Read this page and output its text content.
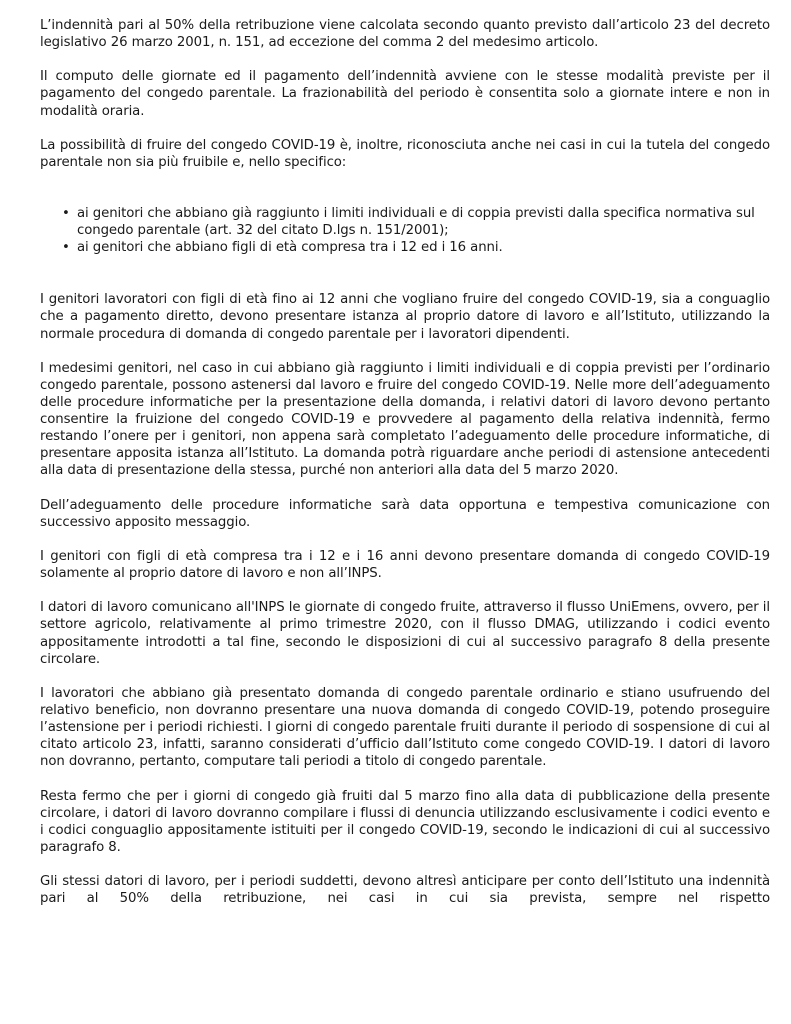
L’indennità pari al 50% della retribuzione viene calcolata secondo quanto previsto dall’articolo 23 del decreto legislativo 26 marzo 2001, n. 151, ad eccezione del comma 2 del medesimo articolo.

Il computo delle giornate ed il pagamento dell’indennità avviene con le stesse modalità previste per il pagamento del congedo parentale. La frazionabilità del periodo è consentita solo a giornate intere e non in modalità oraria.

La possibilità di fruire del congedo COVID-19 è, inoltre, riconosciuta anche nei casi in cui la tutela del congedo parentale non sia più fruibile e, nello specifico:

• ai genitori che abbiano già raggiunto i limiti individuali e di coppia previsti dalla specifica normativa sul congedo parentale (art. 32 del citato D.lgs n. 151/2001);
• ai genitori che abbiano figli di età compresa tra i 12 ed i 16 anni.

I genitori lavoratori con figli di età fino ai 12 anni che vogliano fruire del congedo COVID-19, sia a conguaglio che a pagamento diretto, devono presentare istanza al proprio datore di lavoro e all’Istituto, utilizzando la normale procedura di domanda di congedo parentale per i lavoratori dipendenti.

I medesimi genitori, nel caso in cui abbiano già raggiunto i limiti individuali e di coppia previsti per l’ordinario congedo parentale, possono astenersi dal lavoro e fruire del congedo COVID-19. Nelle more dell’adeguamento delle procedure informatiche per la presentazione della domanda, i relativi datori di lavoro devono pertanto consentire la fruizione del congedo COVID-19 e provvedere al pagamento della relativa indennità, fermo restando l’onere per i genitori, non appena sarà completato l’adeguamento delle procedure informatiche, di presentare apposita istanza all’Istituto. La domanda potrà riguardare anche periodi di astensione antecedenti alla data di presentazione della stessa, purché non anteriori alla data del 5 marzo 2020.

Dell’adeguamento delle procedure informatiche sarà data opportuna e tempestiva comunicazione con successivo apposito messaggio.

I genitori con figli di età compresa tra i 12 e i 16 anni devono presentare domanda di congedo COVID-19 solamente al proprio datore di lavoro e non all’INPS.

I datori di lavoro comunicano all'INPS le giornate di congedo fruite, attraverso il flusso UniEmens, ovvero, per il settore agricolo, relativamente al primo trimestre 2020, con il flusso DMAG, utilizzando i codici evento appositamente introdotti a tal fine, secondo le disposizioni di cui al successivo paragrafo 8 della presente circolare.

I lavoratori che abbiano già presentato domanda di congedo parentale ordinario e stiano usufruendo del relativo beneficio, non dovranno presentare una nuova domanda di congedo COVID-19, potendo proseguire l’astensione per i periodi richiesti. I giorni di congedo parentale fruiti durante il periodo di sospensione di cui al citato articolo 23, infatti, saranno considerati d’ufficio dall’Istituto come congedo COVID-19. I datori di lavoro non dovranno, pertanto, computare tali periodi a titolo di congedo parentale.

Resta fermo che per i giorni di congedo già fruiti dal 5 marzo fino alla data di pubblicazione della presente circolare, i datori di lavoro dovranno compilare i flussi di denuncia utilizzando esclusivamente i codici evento e i codici conguaglio appositamente istituiti per il congedo COVID-19, secondo le indicazioni di cui al successivo paragrafo 8.

Gli stessi datori di lavoro, per i periodi suddetti, devono altresì anticipare per conto dell’Istituto una indennità pari al 50% della retribuzione, nei casi in cui sia prevista, sempre nel rispetto
